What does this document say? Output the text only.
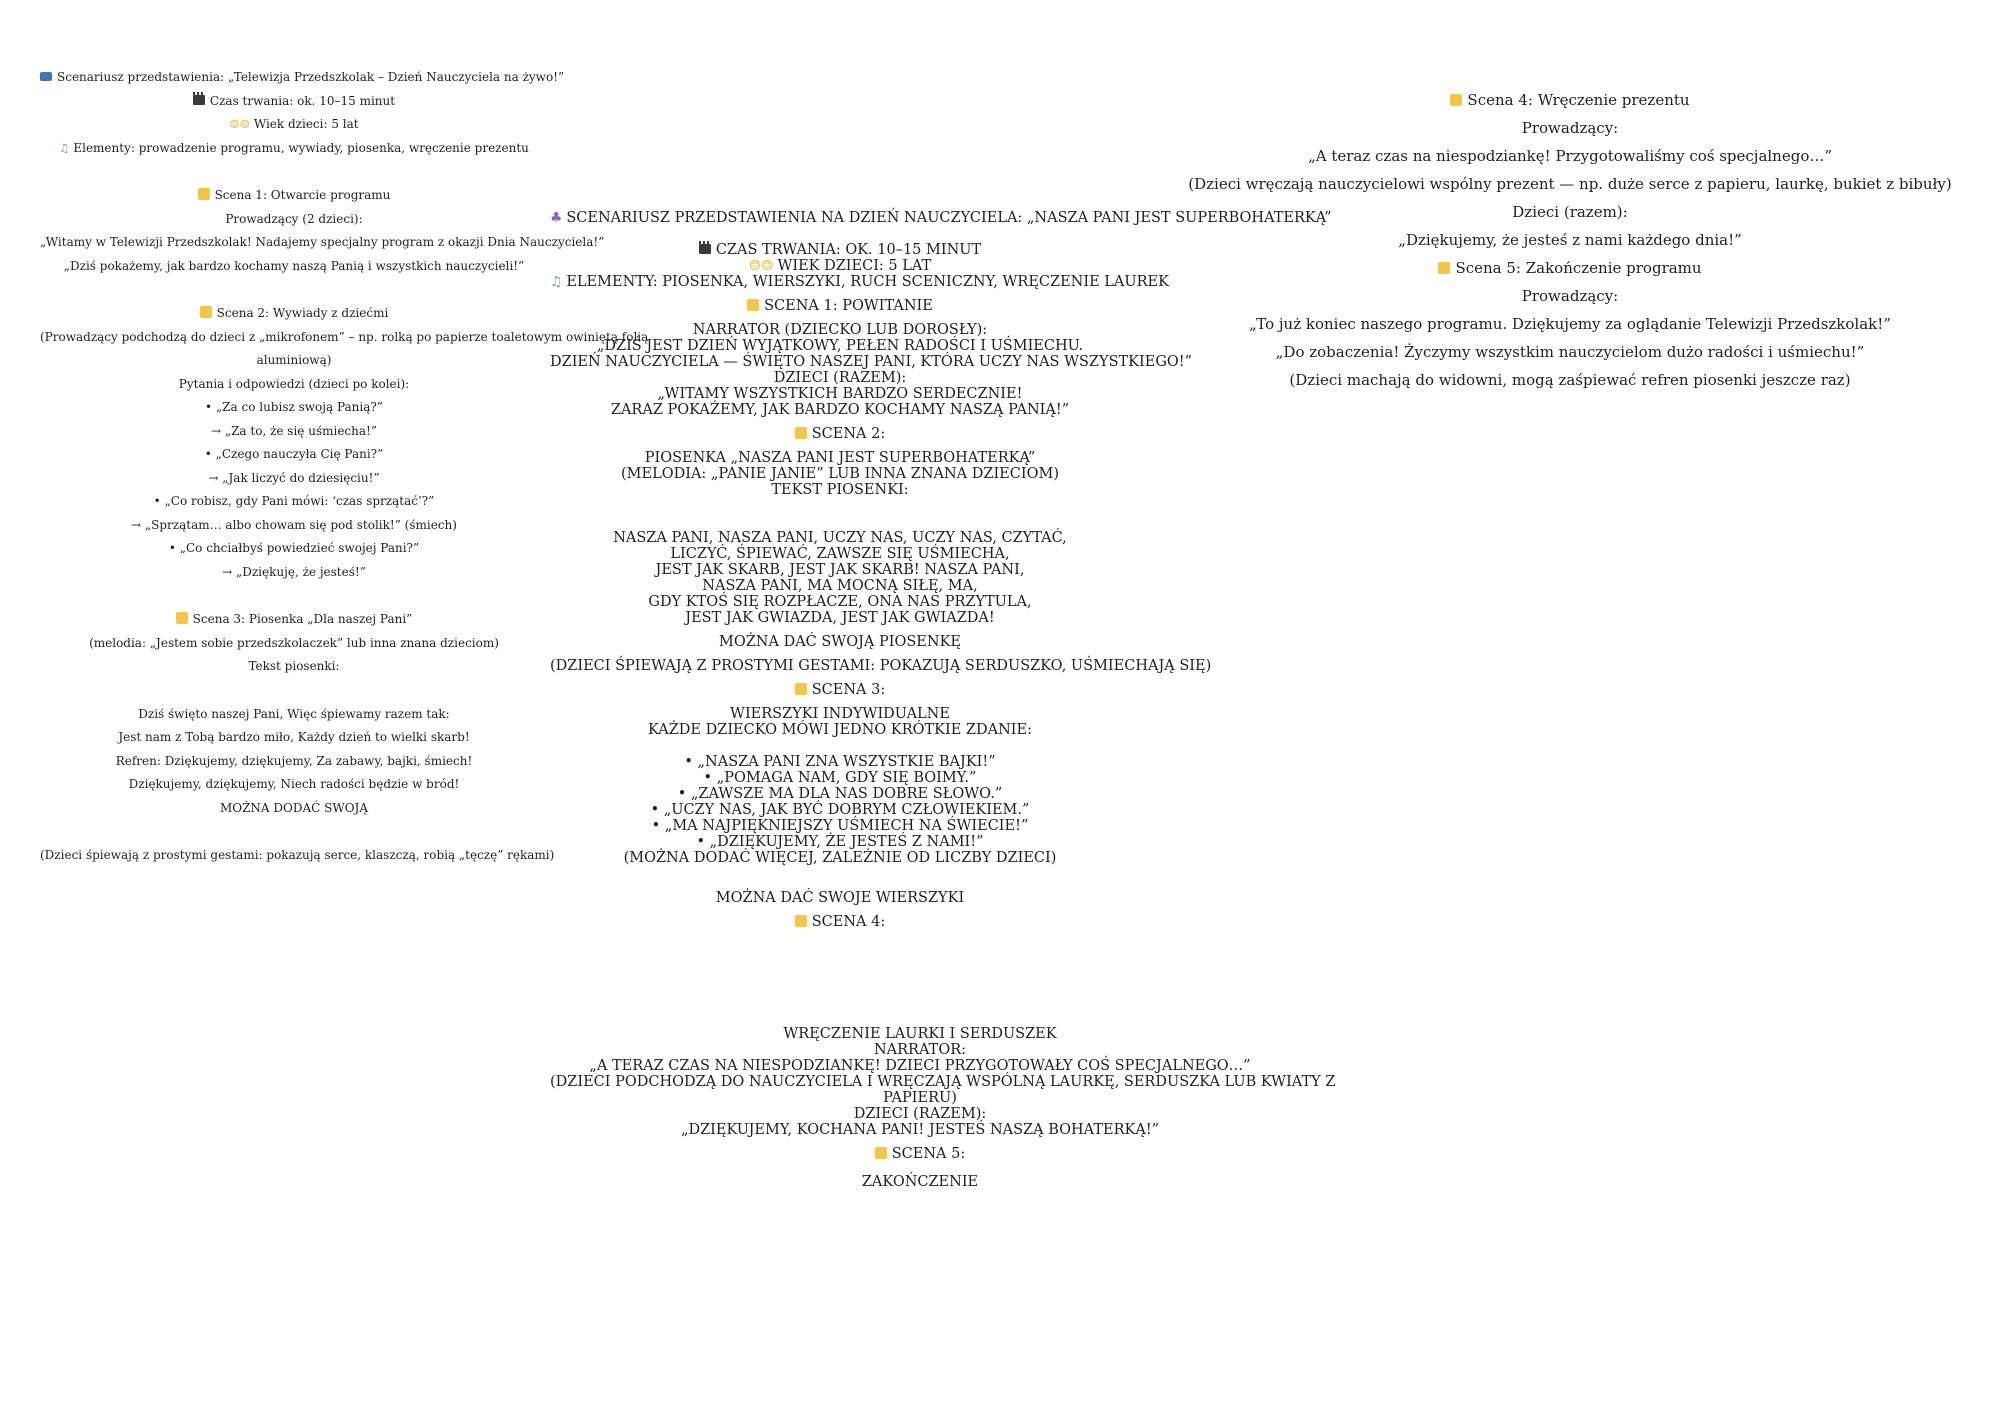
Scenariusz przedstawienia: „Telewizja Przedszkolak – Dzień Nauczyciela na żywo!”
Czas trwania: ok. 10–15 minut
☺☺ Wiek dzieci: 5 lat
♫ Elementy: prowadzenie programu, wywiady, piosenka, wręczenie prezentu
Scena 1: Otwarcie programu
Prowadzący (2 dzieci):
„Witamy w Telewizji Przedszkolak! Nadajemy specjalny program z okazji Dnia Nauczyciela!”
„Dziś pokażemy, jak bardzo kochamy naszą Panią i wszystkich nauczycieli!”
Scena 2: Wywiady z dziećmi
(Prowadzący podchodzą do dzieci z „mikrofonem” – np. rolką po papierze toaletowym owiniętą folią
aluminiową)
Pytania i odpowiedzi (dzieci po kolei):
• „Za co lubisz swoją Panią?”
→ „Za to, że się uśmiecha!”
• „Czego nauczyła Cię Pani?”
→ „Jak liczyć do dziesięciu!”
• „Co robisz, gdy Pani mówi: ‘czas sprzątać’?”
→ „Sprzątam… albo chowam się pod stolik!” (śmiech)
• „Co chciałbyś powiedzieć swojej Pani?”
→ „Dziękuję, że jesteś!”
Scena 3: Piosenka „Dla naszej Pani”
(melodia: „Jestem sobie przedszkolaczek” lub inna znana dzieciom)
Tekst piosenki:
Dziś święto naszej Pani, Więc śpiewamy razem tak:
Jest nam z Tobą bardzo miło, Każdy dzień to wielki skarb!
Refren: Dziękujemy, dziękujemy, Za zabawy, bajki, śmiech!
Dziękujemy, dziękujemy, Niech radości będzie w bród!
MOŻNA DODAĆ SWOJĄ
(Dzieci śpiewają z prostymi gestami: pokazują serce, klaszczą, robią „tęczę” rękami)
♣ SCENARIUSZ PRZEDSTAWIENIA NA DZIEŃ NAUCZYCIELA: „NASZA PANI JEST SUPERBOHATERKĄ”
CZAS TRWANIA: OK. 10–15 MINUT
☺☺ WIEK DZIECI: 5 LAT
♫ ELEMENTY: PIOSENKA, WIERSZYKI, RUCH SCENICZNY, WRĘCZENIE LAUREK
SCENA 1: POWITANIE
NARRATOR (DZIECKO LUB DOROSŁY):
„DZIŚ JEST DZIEŃ WYJĄTKOWY, PEŁEN RADOŚCI I UŚMIECHU.
DZIEŃ NAUCZYCIELA — ŚWIĘTO NASZEJ PANI, KTÓRA UCZY NAS WSZYSTKIEGO!”
DZIECI (RAZEM):
„WITAMY WSZYSTKICH BARDZO SERDECZNIE!
ZARAZ POKAŻEMY, JAK BARDZO KOCHAMY NASZĄ PANIĄ!”
SCENA 2:
PIOSENKA „NASZA PANI JEST SUPERBOHATERKĄ”
(MELODIA: „PANIE JANIE” LUB INNA ZNANA DZIECIOM)
TEKST PIOSENKI:
NASZA PANI, NASZA PANI, UCZY NAS, UCZY NAS, CZYTAĆ,
LICZYĆ, ŚPIEWAĆ, ZAWSZE SIĘ UŚMIECHA,
JEST JAK SKARB, JEST JAK SKARB! NASZA PANI,
NASZA PANI, MA MOCNĄ SIŁĘ, MA,
GDY KTOŚ SIĘ ROZPŁACZE, ONA NAS PRZYTULA,
JEST JAK GWIAZDA, JEST JAK GWIAZDA!
MOŻNA DAĆ SWOJĄ PIOSENKĘ
(DZIECI ŚPIEWAJĄ Z PROSTYMI GESTAMI: POKAZUJĄ SERDUSZKO, UŚMIECHAJĄ SIĘ)
SCENA 3:
WIERSZYKI INDYWIDUALNE
KAŻDE DZIECKO MÓWI JEDNO KRÓTKIE ZDANIE:
• „NASZA PANI ZNA WSZYSTKIE BAJKI!”
• „POMAGA NAM, GDY SIĘ BOIMY.”
• „ZAWSZE MA DLA NAS DOBRE SŁOWO.”
• „UCZY NAS, JAK BYĆ DOBRYM CZŁOWIEKIEM.”
• „MA NAJPIĘKNIEJSZY UŚMIECH NA ŚWIECIE!”
• „DZIĘKUJEMY, ŻE JESTEŚ Z NAMI!”
(MOŻNA DODAĆ WIĘCEJ, ZALEŻNIE OD LICZBY DZIECI)
MOŻNA DAĆ SWOJE WIERSZYKI
SCENA 4:
WRĘCZENIE LAURKI I SERDUSZEK
NARRATOR:
„A TERAZ CZAS NA NIESPODZIANKĘ! DZIECI PRZYGOTOWAŁY COŚ SPECJALNEGO…”
(DZIECI PODCHODZĄ DO NAUCZYCIELA I WRĘCZAJĄ WSPÓLNĄ LAURKĘ, SERDUSZKA LUB KWIATY Z
PAPIERU)
DZIECI (RAZEM):
„DZIĘKUJEMY, KOCHANA PANI! JESTEŚ NASZĄ BOHATERKĄ!”
SCENA 5:
ZAKOŃCZENIE
Scena 4: Wręczenie prezentu
Prowadzący:
„A teraz czas na niespodziankę! Przygotowaliśmy coś specjalnego…”
(Dzieci wręczają nauczycielowi wspólny prezent — np. duże serce z papieru, laurkę, bukiet z bibuły)
Dzieci (razem):
„Dziękujemy, że jesteś z nami każdego dnia!”
Scena 5: Zakończenie programu
Prowadzący:
„To już koniec naszego programu. Dziękujemy za oglądanie Telewizji Przedszkolak!”
„Do zobaczenia! Życzymy wszystkim nauczycielom dużo radości i uśmiechu!”
(Dzieci machają do widowni, mogą zaśpiewać refren piosenki jeszcze raz)
